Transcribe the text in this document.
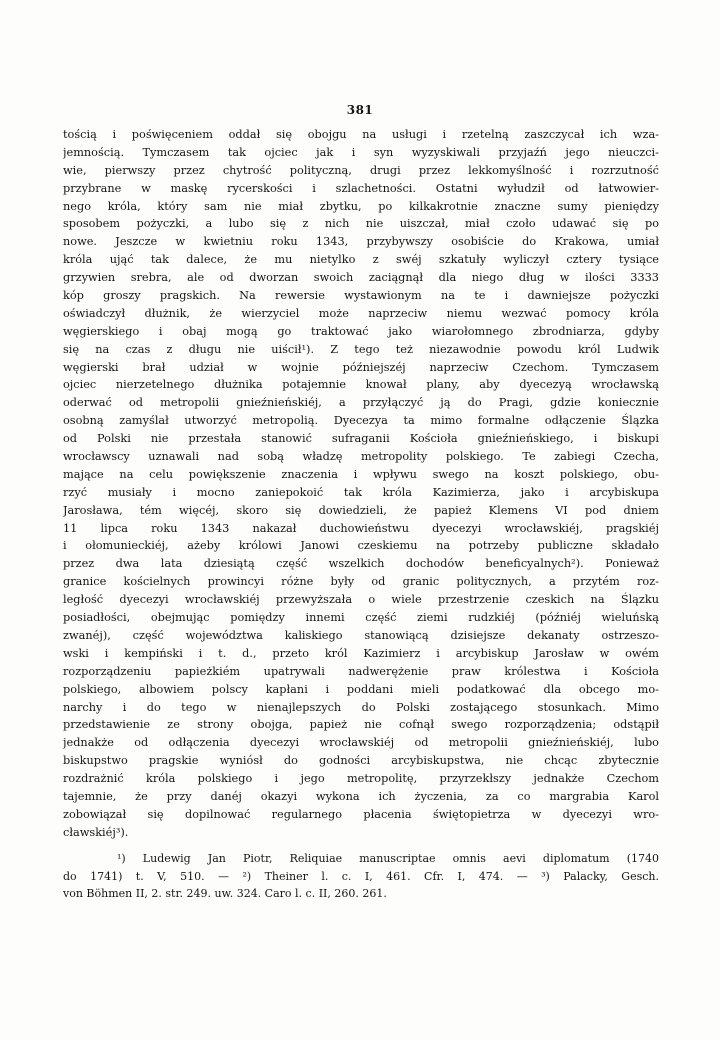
381
tością i poświęceniem oddał się obojgu na usługi i rzetelną zaszczycał ich wza-
jemnością. Tymczasem tak ojciec jak i syn wyzyskiwali przyjaźń jego nieuczci-
wie, pierwszy przez chytrość polityczną, drugi przez lekkomyślność i rozrzutność
przybrane w maskę rycerskości i szlachetności. Ostatni wyłudził od łatwowier-
nego króla, który sam nie miał zbytku, po kilkakrotnie znaczne sumy pieniędzy
sposobem pożyczki, a lubo się z nich nie uiszczał, miał czoło udawać się po
nowe. Jeszcze w kwietniu roku 1343, przybywszy osobiście do Krakowa, umiał
króla ująć tak dalece, że mu nietylko z swéj szkatuły wyliczył cztery tysiące
grzywien srebra, ale od dworzan swoich zaciągnął dla niego dług w ilości 3333
kóp groszy pragskich. Na rewersie wystawionym na te i dawniejsze pożyczki
oświadczył dłużnik, że wierzyciel może naprzeciw niemu wezwać pomocy króla
węgierskiego i obaj mogą go traktować jako wiarołomnego zbrodniarza, gdyby
się na czas z długu nie uiścił¹). Z tego też niezawodnie powodu król Ludwik
węgierski brał udział w wojnie późniejszéj naprzeciw Czechom. Tymczasem
ojciec nierzetelnego dłużnika potajemnie knował plany, aby dyecezyą wrocławską
oderwać od metropolii gnieźnieńskiéj, a przyłączyć ją do Pragi, gdzie koniecznie
osobną zamyślał utworzyć metropolią. Dyecezya ta mimo formalne odłączenie Ślązka
od Polski nie przestała stanowić sufraganii Kościoła gnieźnieńskiego, i biskupi
wrocławscy uznawali nad sobą władzę metropolity polskiego. Te zabiegi Czecha,
mające na celu powiększenie znaczenia i wpływu swego na koszt polskiego, obu-
rzyć musiały i mocno zaniepokoić tak króla Kazimierza, jako i arcybiskupa
Jarosława, tém więcéj, skoro się dowiedzieli, że papież Klemens VI pod dniem
11 lipca roku 1343 nakazał duchowieństwu dyecezyi wrocławskiéj, pragskiéj
i ołomunieckiéj, ażeby królowi Janowi czeskiemu na potrzeby publiczne składało
przez dwa lata dziesiątą część wszelkich dochodów beneficyalnych²). Ponieważ
granice kościelnych prowincyi różne były od granic politycznych, a przytém roz-
ległość dyecezyi wrocławskiéj przewyższała o wiele przestrzenie czeskich na Ślązku
posiadłości, obejmując pomiędzy innemi część ziemi rudzkiéj (późniéj wieluńską
zwanéj), część województwa kaliskiego stanowiącą dzisiejsze dekanaty ostrzeszo-
wski i kempiński i t. d., przeto król Kazimierz i arcybiskup Jarosław w owém
rozporządzeniu papieżkiém upatrywali nadwerężenie praw królestwa i Kościoła
polskiego, albowiem polscy kapłani i poddani mieli podatkować dla obcego mo-
narchy i do tego w nienajlepszych do Polski zostającego stosunkach. Mimo
przedstawienie ze strony obojga, papież nie cofnął swego rozporządzenia; odstąpił
jednakże od odłączenia dyecezyi wrocławskiéj od metropolii gnieźnieńskiéj, lubo
biskupstwo pragskie wyniósł do godności arcybiskupstwa, nie chcąc zbytecznie
rozdrażnić króla polskiego i jego metropolitę, przyrzekłszy jednakże Czechom
tajemnie, że przy danéj okazyi wykona ich życzenia, za co margrabia Karol
zobowiązał się dopilnować regularnego płacenia świętopietrza w dyecezyi wro-
cławskiéj³).
¹) Ludewig Jan Piotr, Reliquiae manuscriptae omnis aevi diplomatum (1740
do 1741) t. V, 510. — ²) Theiner l. c. I, 461. Cfr. I, 474. — ³) Palacky, Gesch.
von Böhmen II, 2. str. 249. uw. 324. Caro l. c. II, 260. 261.
